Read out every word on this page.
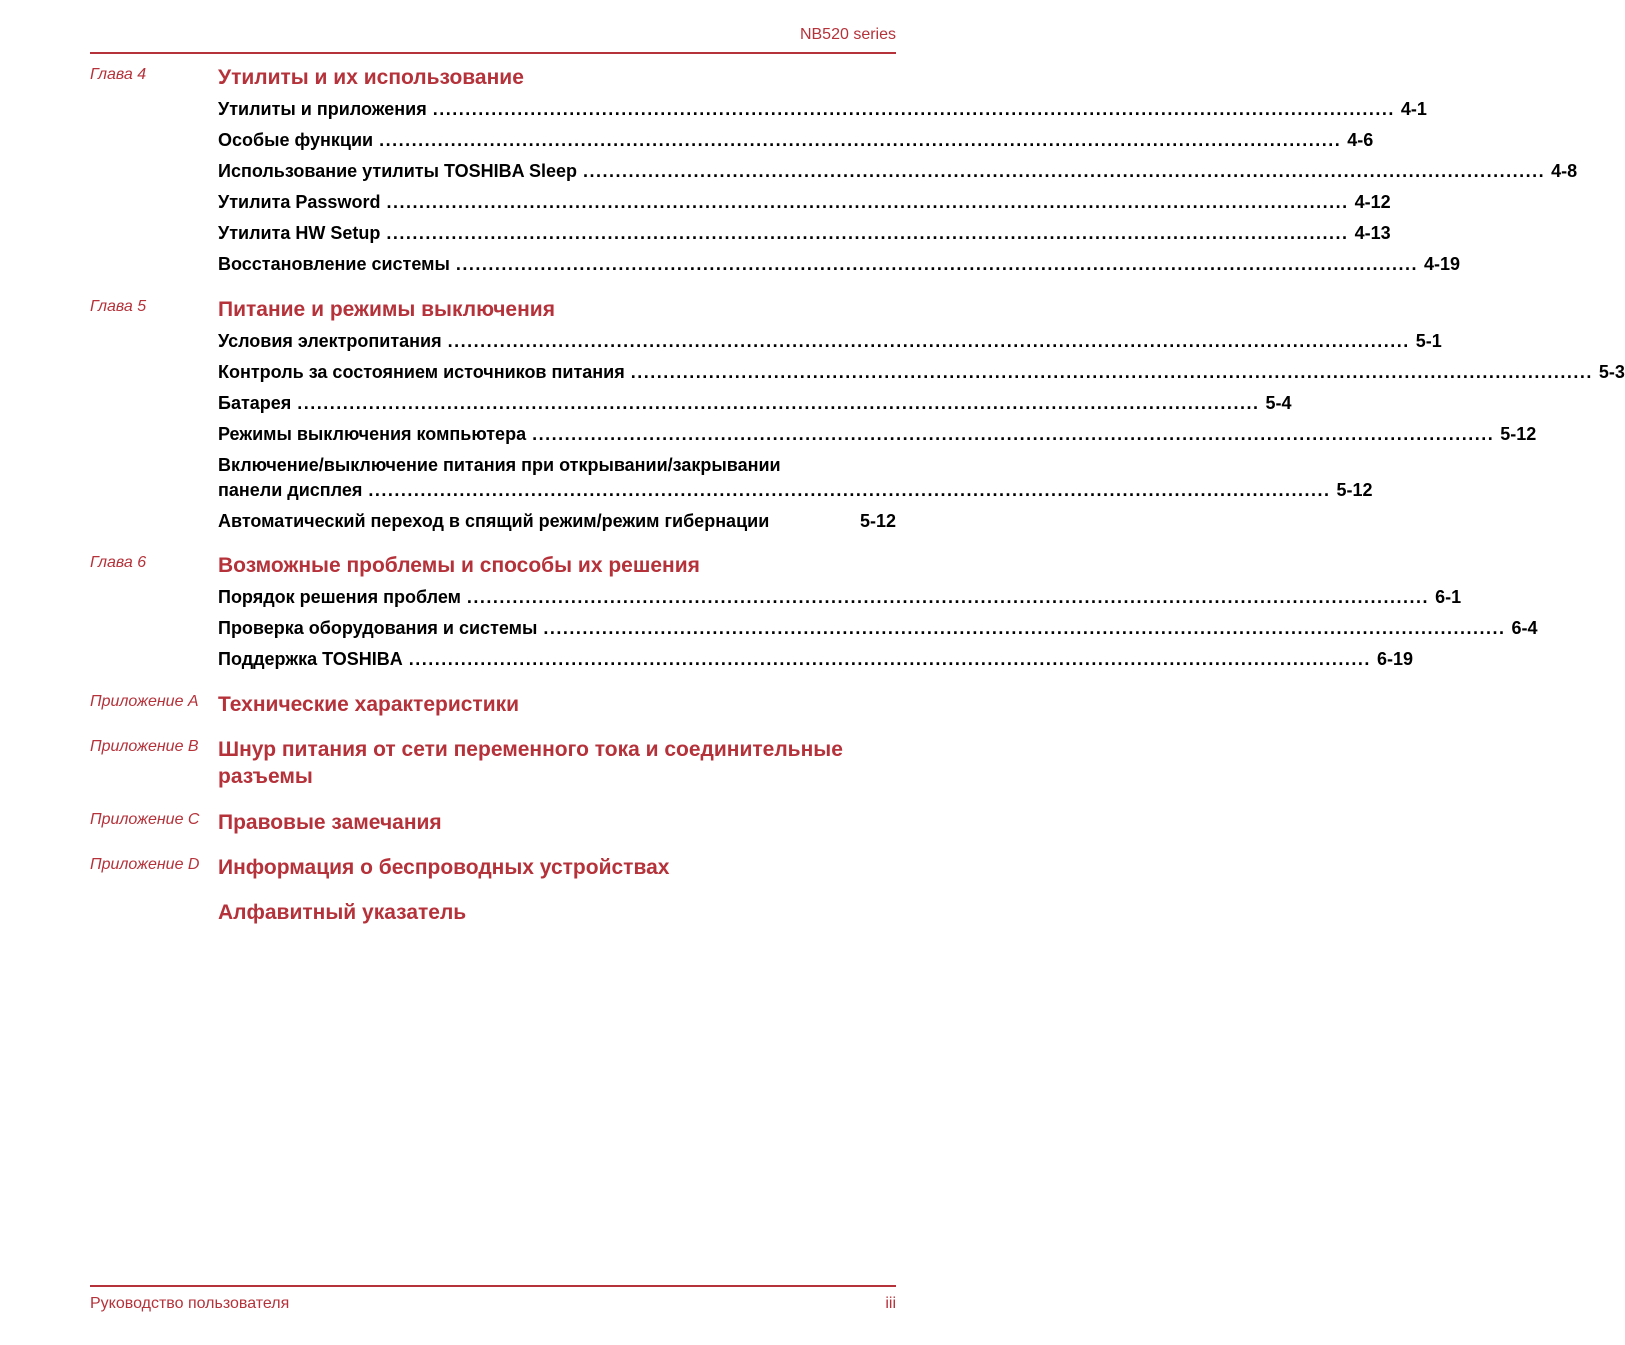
NB520 series
Глава 4	Утилиты и их использование
Утилиты и приложения .................................................................................................................................................... 4-1
Особые функции .................................................................................................................................................... 4-6
Использование утилиты TOSHIBA Sleep .................................................................................................................................................... 4-8
Утилита Password .................................................................................................................................................... 4-12
Утилита HW Setup .................................................................................................................................................... 4-13
Восстановление системы .................................................................................................................................................... 4-19
Глава 5	Питание и режимы выключения
Условия электропитания .................................................................................................................................................... 5-1
Контроль за состоянием источников питания .................................................................................................................................................... 5-3
Батарея .................................................................................................................................................... 5-4
Режимы выключения компьютера .................................................................................................................................................... 5-12
Включение/выключение питания при открывании/закрывании
панели дисплея .................................................................................................................................................... 5-12
Автоматический переход в спящий режим/режим гибернации	5-12
Глава 6	Возможные проблемы и способы их решения
Порядок решения проблем .................................................................................................................................................... 6-1
Проверка оборудования и системы .................................................................................................................................................... 6-4
Поддержка TOSHIBA .................................................................................................................................................... 6-19
Приложение A Технические характеристики
Приложение B Шнур питания от сети переменного тока и соединительные разъемы
Приложение C Правовые замечания
Приложение D Информация о беспроводных устройствах
Алфавитный указатель
Руководство пользователя	iii
